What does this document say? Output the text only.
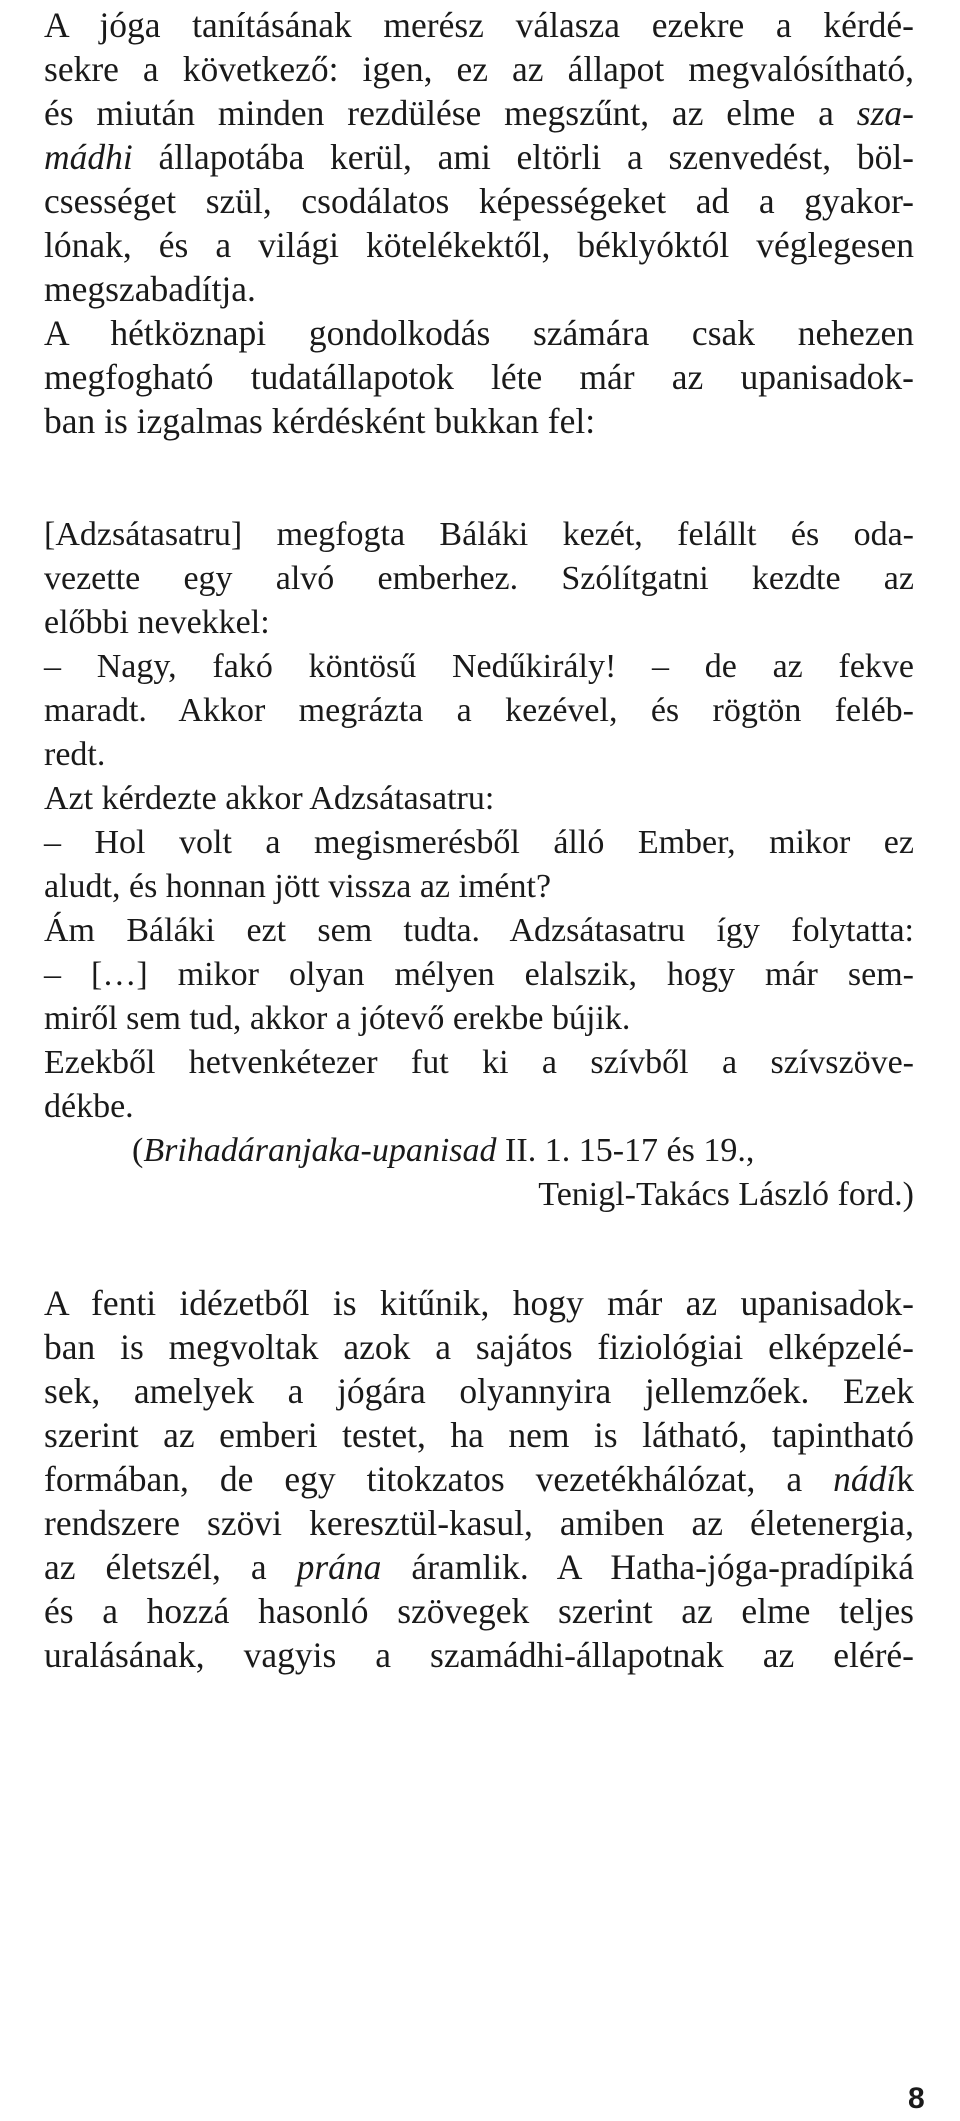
A jóga tanításának merész válasza ezekre a kérdé-
sekre a következő: igen, ez az állapot megvalósítható,
és miután minden rezdülése megszűnt, az elme a sza-
mádhi állapotába kerül, ami eltörli a szenvedést, böl-
csességet szül, csodálatos képességeket ad a gyakor-
lónak, és a világi kötelékektől, béklyóktól véglegesen
megszabadítja.
A hétköznapi gondolkodás számára csak nehezen
megfogható tudatállapotok léte már az upanisadok-
ban is izgalmas kérdésként bukkan fel:
[Adzsátasatru] megfogta Báláki kezét, felállt és oda-
vezette egy alvó emberhez. Szólítgatni kezdte az
előbbi nevekkel:
– Nagy, fakó köntösű Nedűkirály! – de az fekve
maradt. Akkor megrázta a kezével, és rögtön feléb-
redt.
Azt kérdezte akkor Adzsátasatru:
– Hol volt a megismerésből álló Ember, mikor ez
aludt, és honnan jött vissza az imént?
Ám Báláki ezt sem tudta. Adzsátasatru így folytatta:
– […] mikor olyan mélyen elalszik, hogy már sem-
miről sem tud, akkor a jótevő erekbe bújik.
Ezekből hetvenkétezer fut ki a szívből a szívszöve-
dékbe.
(Brihadáranjaka-upanisad II. 1. 15-17 és 19.,
Tenigl-Takács László ford.)
A fenti idézetből is kitűnik, hogy már az upanisadok-
ban is megvoltak azok a sajátos fiziológiai elképzelé-
sek, amelyek a jógára olyannyira jellemzőek. Ezek
szerint az emberi testet, ha nem is látható, tapintható
formában, de egy titokzatos vezetékhálózat, a nádík
rendszere szövi keresztül-kasul, amiben az életenergia,
az életszél, a prána áramlik. A Hatha-jóga-pradípiká
és a hozzá hasonló szövegek szerint az elme teljes
uralásának, vagyis a szamádhi-állapotnak az eléré-
8
